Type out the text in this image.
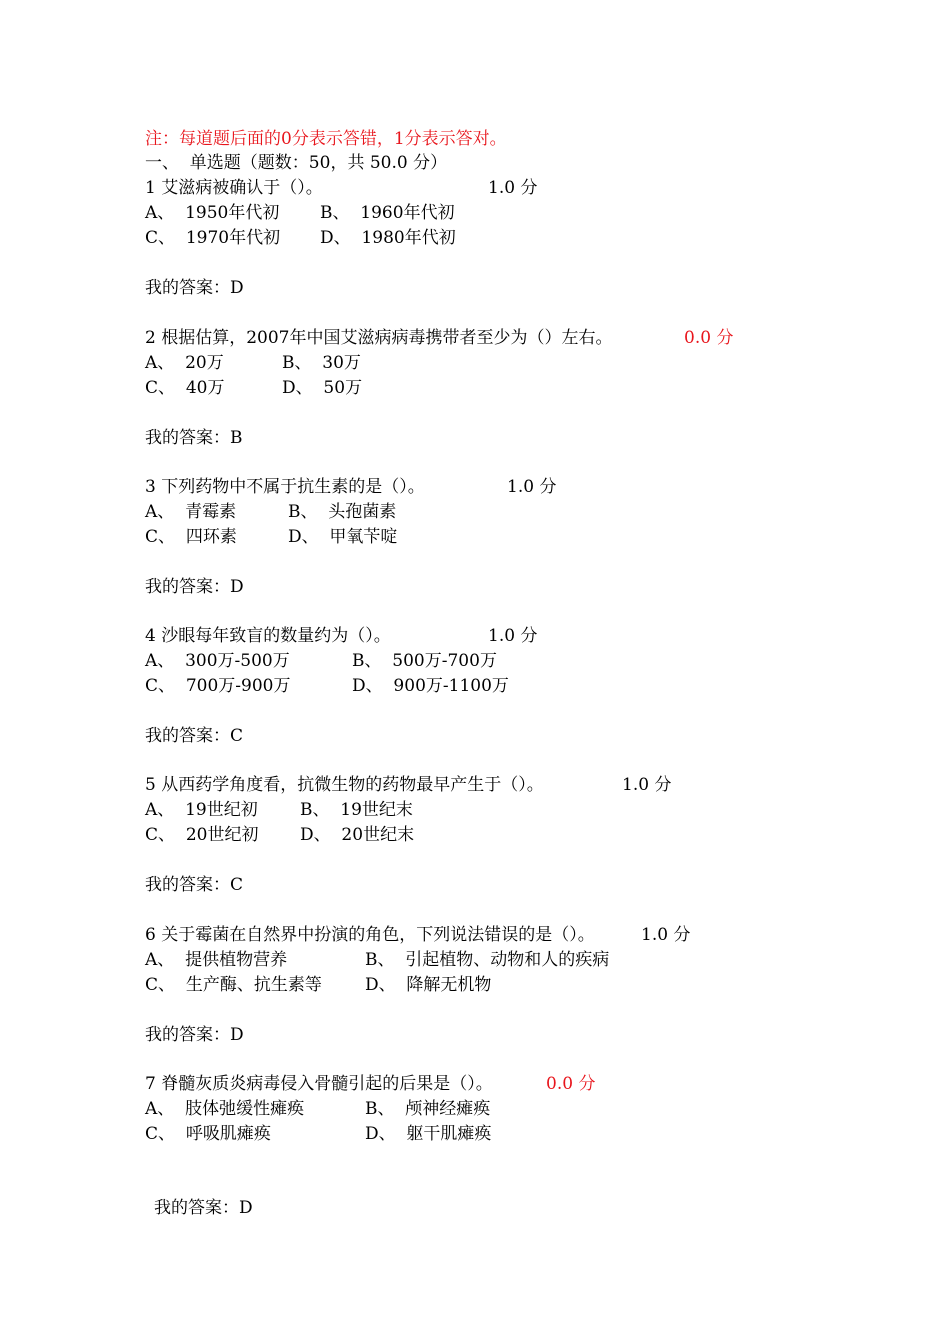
注：每道题后面的0分表示答错，1分表示答对。
一、  单选题（题数：50，共 50.0 分）

1 艾滋病被确认于（）。

	1.0 分

A、  1950年代初

B、  1960年代初

C、  1970年代初

D、  1980年代初

我的答案：D

2 根据估算，2007年中国艾滋病病毒携带者至少为（）左右。

	0.0 分

A、  20万

	B、  30万

C、  40万

	D、  50万

我的答案：B

3 下列药物中不属于抗生素的是（）。

	1.0 分

A、  青霉素

	B、  头孢菌素

C、  四环素

	D、  甲氧苄啶

我的答案：D

4 沙眼每年致盲的数量约为（）。

	1.0 分

A、  300万-500万

	B、  500万-700万

C、  700万-900万

	D、  900万-1100万

我的答案：C

5 从西药学角度看，抗微生物的药物最早产生于（）。

	1.0 分

A、  19世纪初

B、  19世纪末

C、  20世纪初

D、  20世纪末

我的答案：C

6 关于霉菌在自然界中扮演的角色，下列说法错误的是（）。

	1.0 分

A、  提供植物营养

	B、  引起植物、动物和人的疾病

C、  生产酶、抗生素等

	D、  降解无机物

我的答案：D

7 脊髓灰质炎病毒侵入骨髓引起的后果是（）。

	0.0 分

A、  肢体弛缓性瘫痪

	B、  颅神经瘫痪

C、  呼吸肌瘫痪

	D、  躯干肌瘫痪

我的答案：D
